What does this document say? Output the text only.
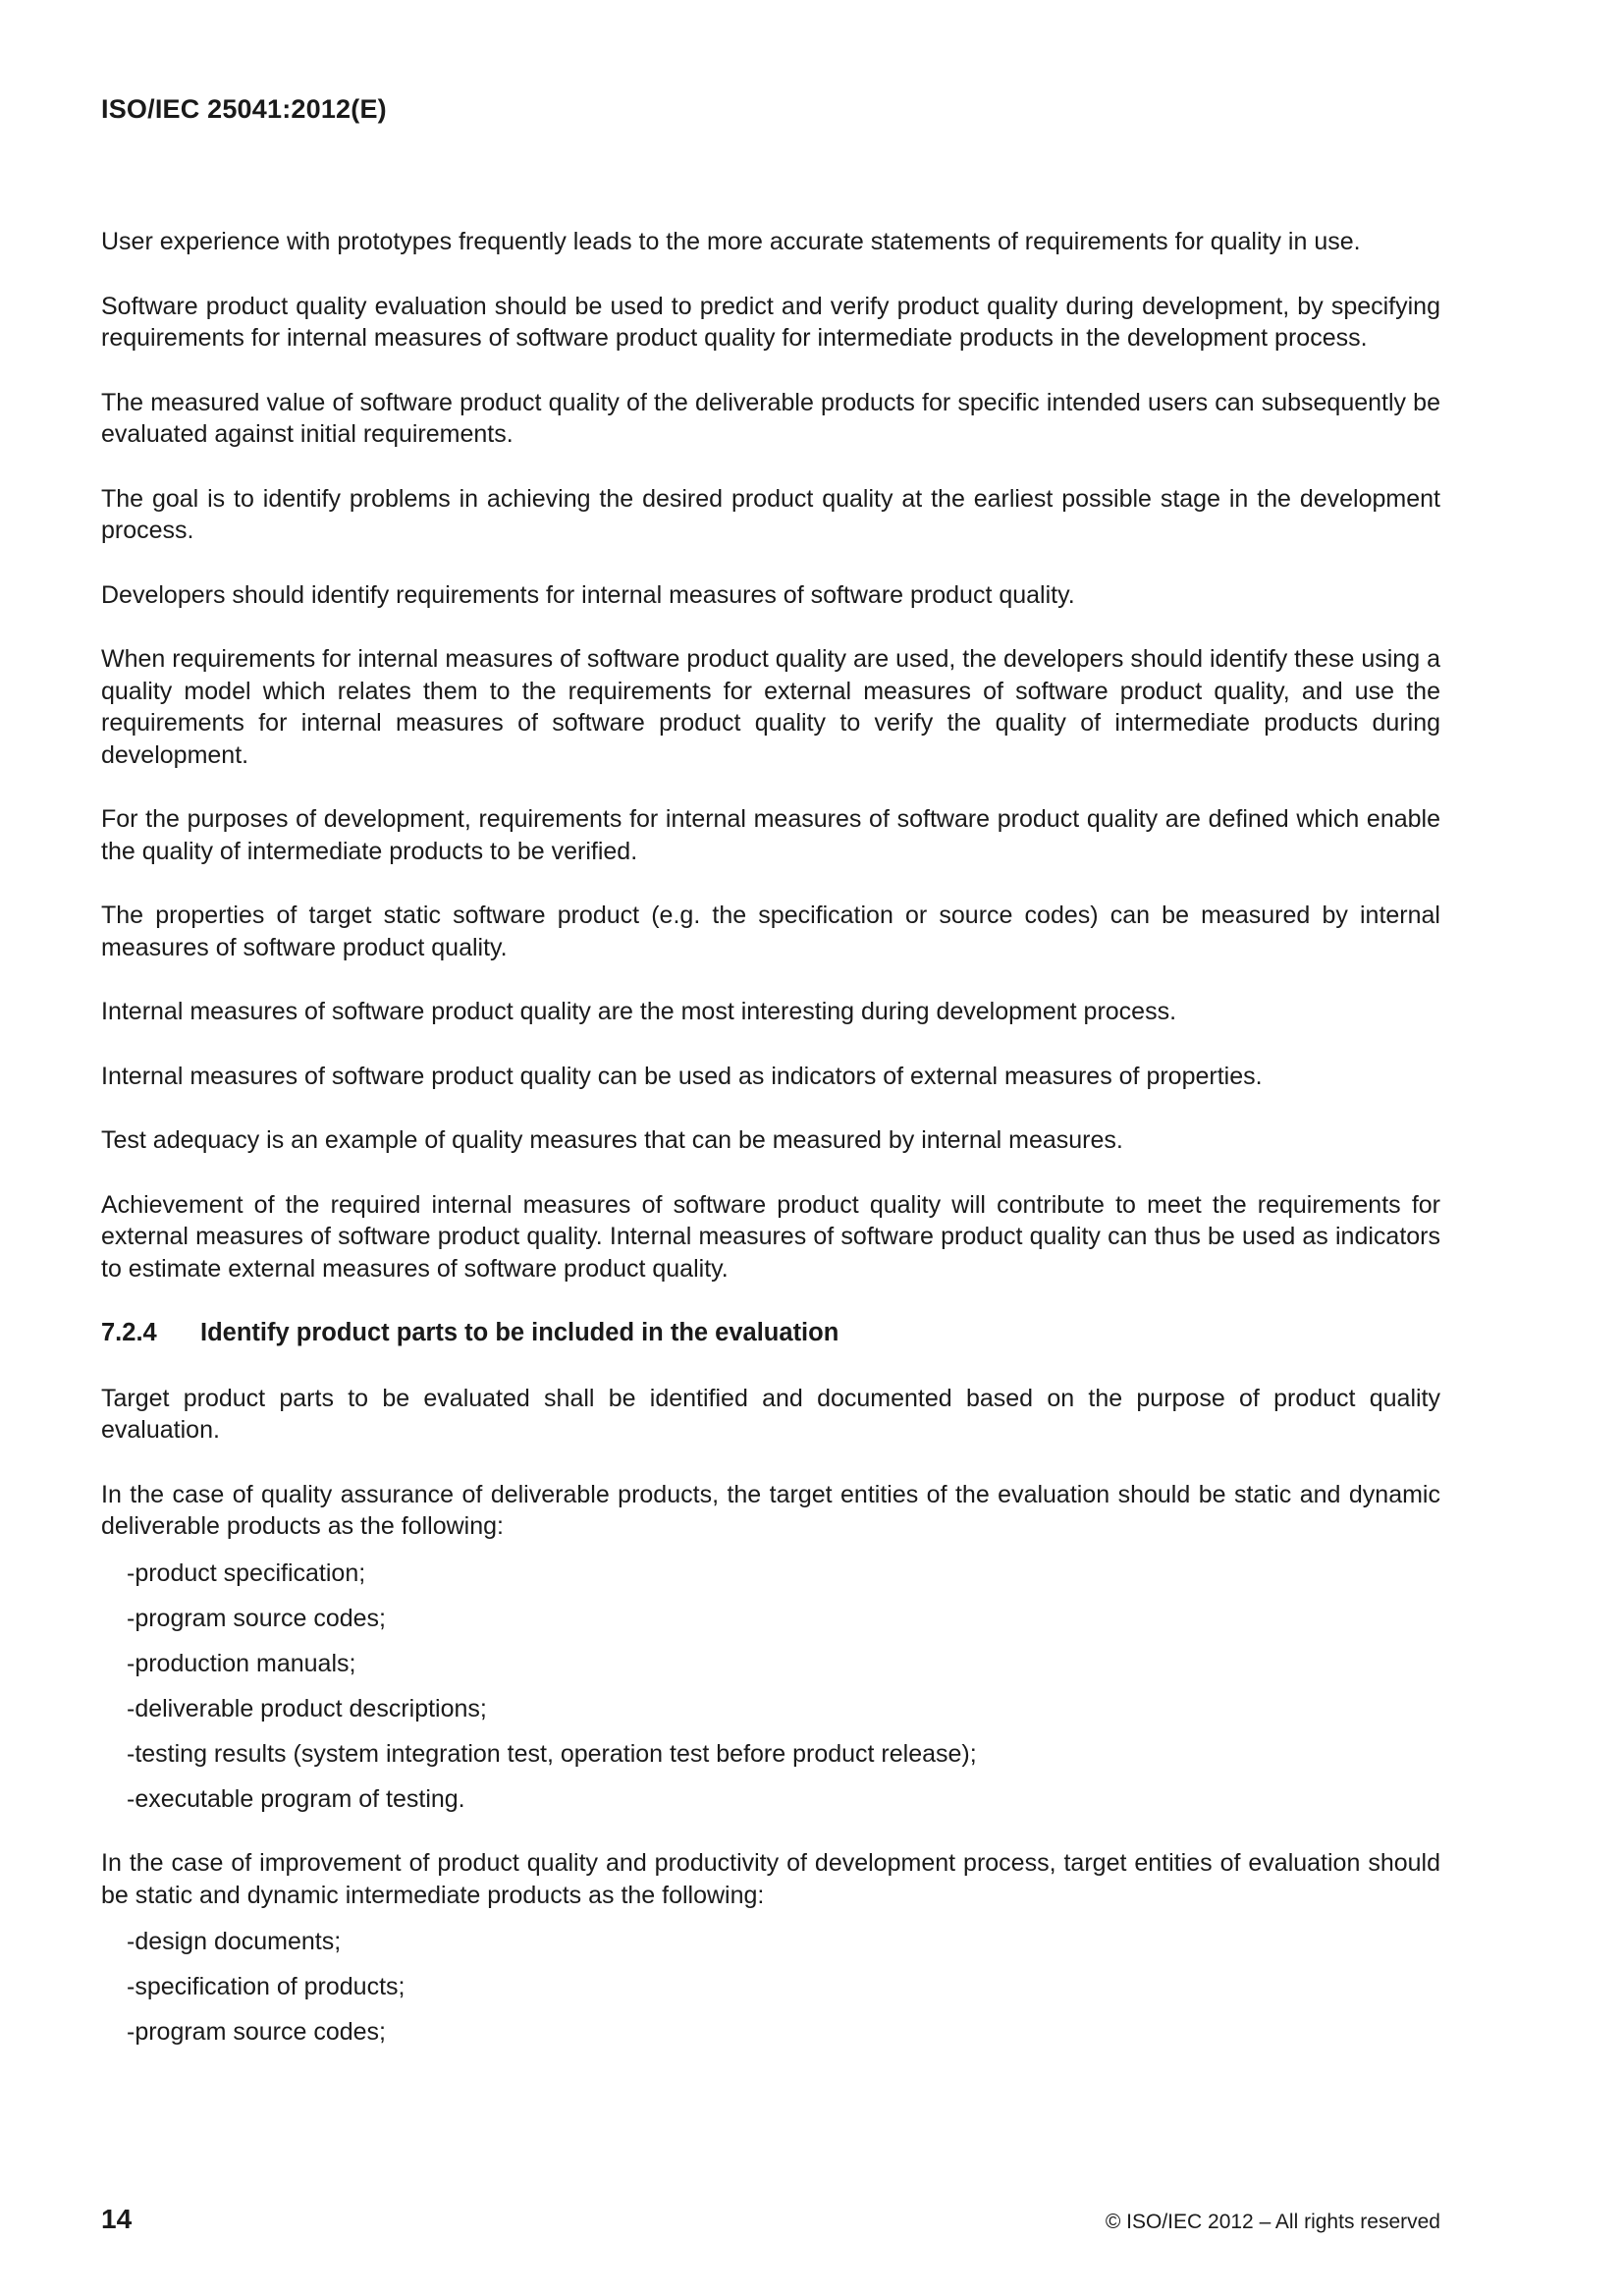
ISO/IEC 25041:2012(E)

User experience with prototypes frequently leads to the more accurate statements of requirements for quality in use.

Software product quality evaluation should be used to predict and verify product quality during development, by specifying requirements for internal measures of software product quality for intermediate products in the development process.

The measured value of software product quality of the deliverable products for specific intended users can subsequently be evaluated against initial requirements.

The goal is to identify problems in achieving the desired product quality at the earliest possible stage in the development process.

Developers should identify requirements for internal measures of software product quality.

When requirements for internal measures of software product quality are used, the developers should identify these using a quality model which relates them to the requirements for external measures of software product quality, and use the requirements for internal measures of software product quality to verify the quality of intermediate products during development.

For the purposes of development, requirements for internal measures of software product quality are defined which enable the quality of intermediate products to be verified.

The properties of target static software product (e.g. the specification or source codes) can be measured by internal measures of software product quality.

Internal measures of software product quality are the most interesting during development process.

Internal measures of software product quality can be used as indicators of external measures of properties.

Test adequacy is an example of quality measures that can be measured by internal measures.

Achievement of the required internal measures of software product quality will contribute to meet the requirements for external measures of software product quality. Internal measures of software product quality can thus be used as indicators to estimate external measures of software product quality.

7.2.4	Identify product parts to be included in the evaluation

Target product parts to be evaluated shall be identified and documented based on the purpose of product quality evaluation.

In the case of quality assurance of deliverable products, the target entities of the evaluation should be static and dynamic deliverable products as the following:

-product specification;
-program source codes;
-production manuals;
-deliverable product descriptions;
-testing results (system integration test, operation test before product release);
-executable program of testing.

In the case of improvement of product quality and productivity of development process, target entities of evaluation should be static and dynamic intermediate products as the following:

-design documents;
-specification of products;
-program source codes;
14	© ISO/IEC 2012 – All rights reserved
